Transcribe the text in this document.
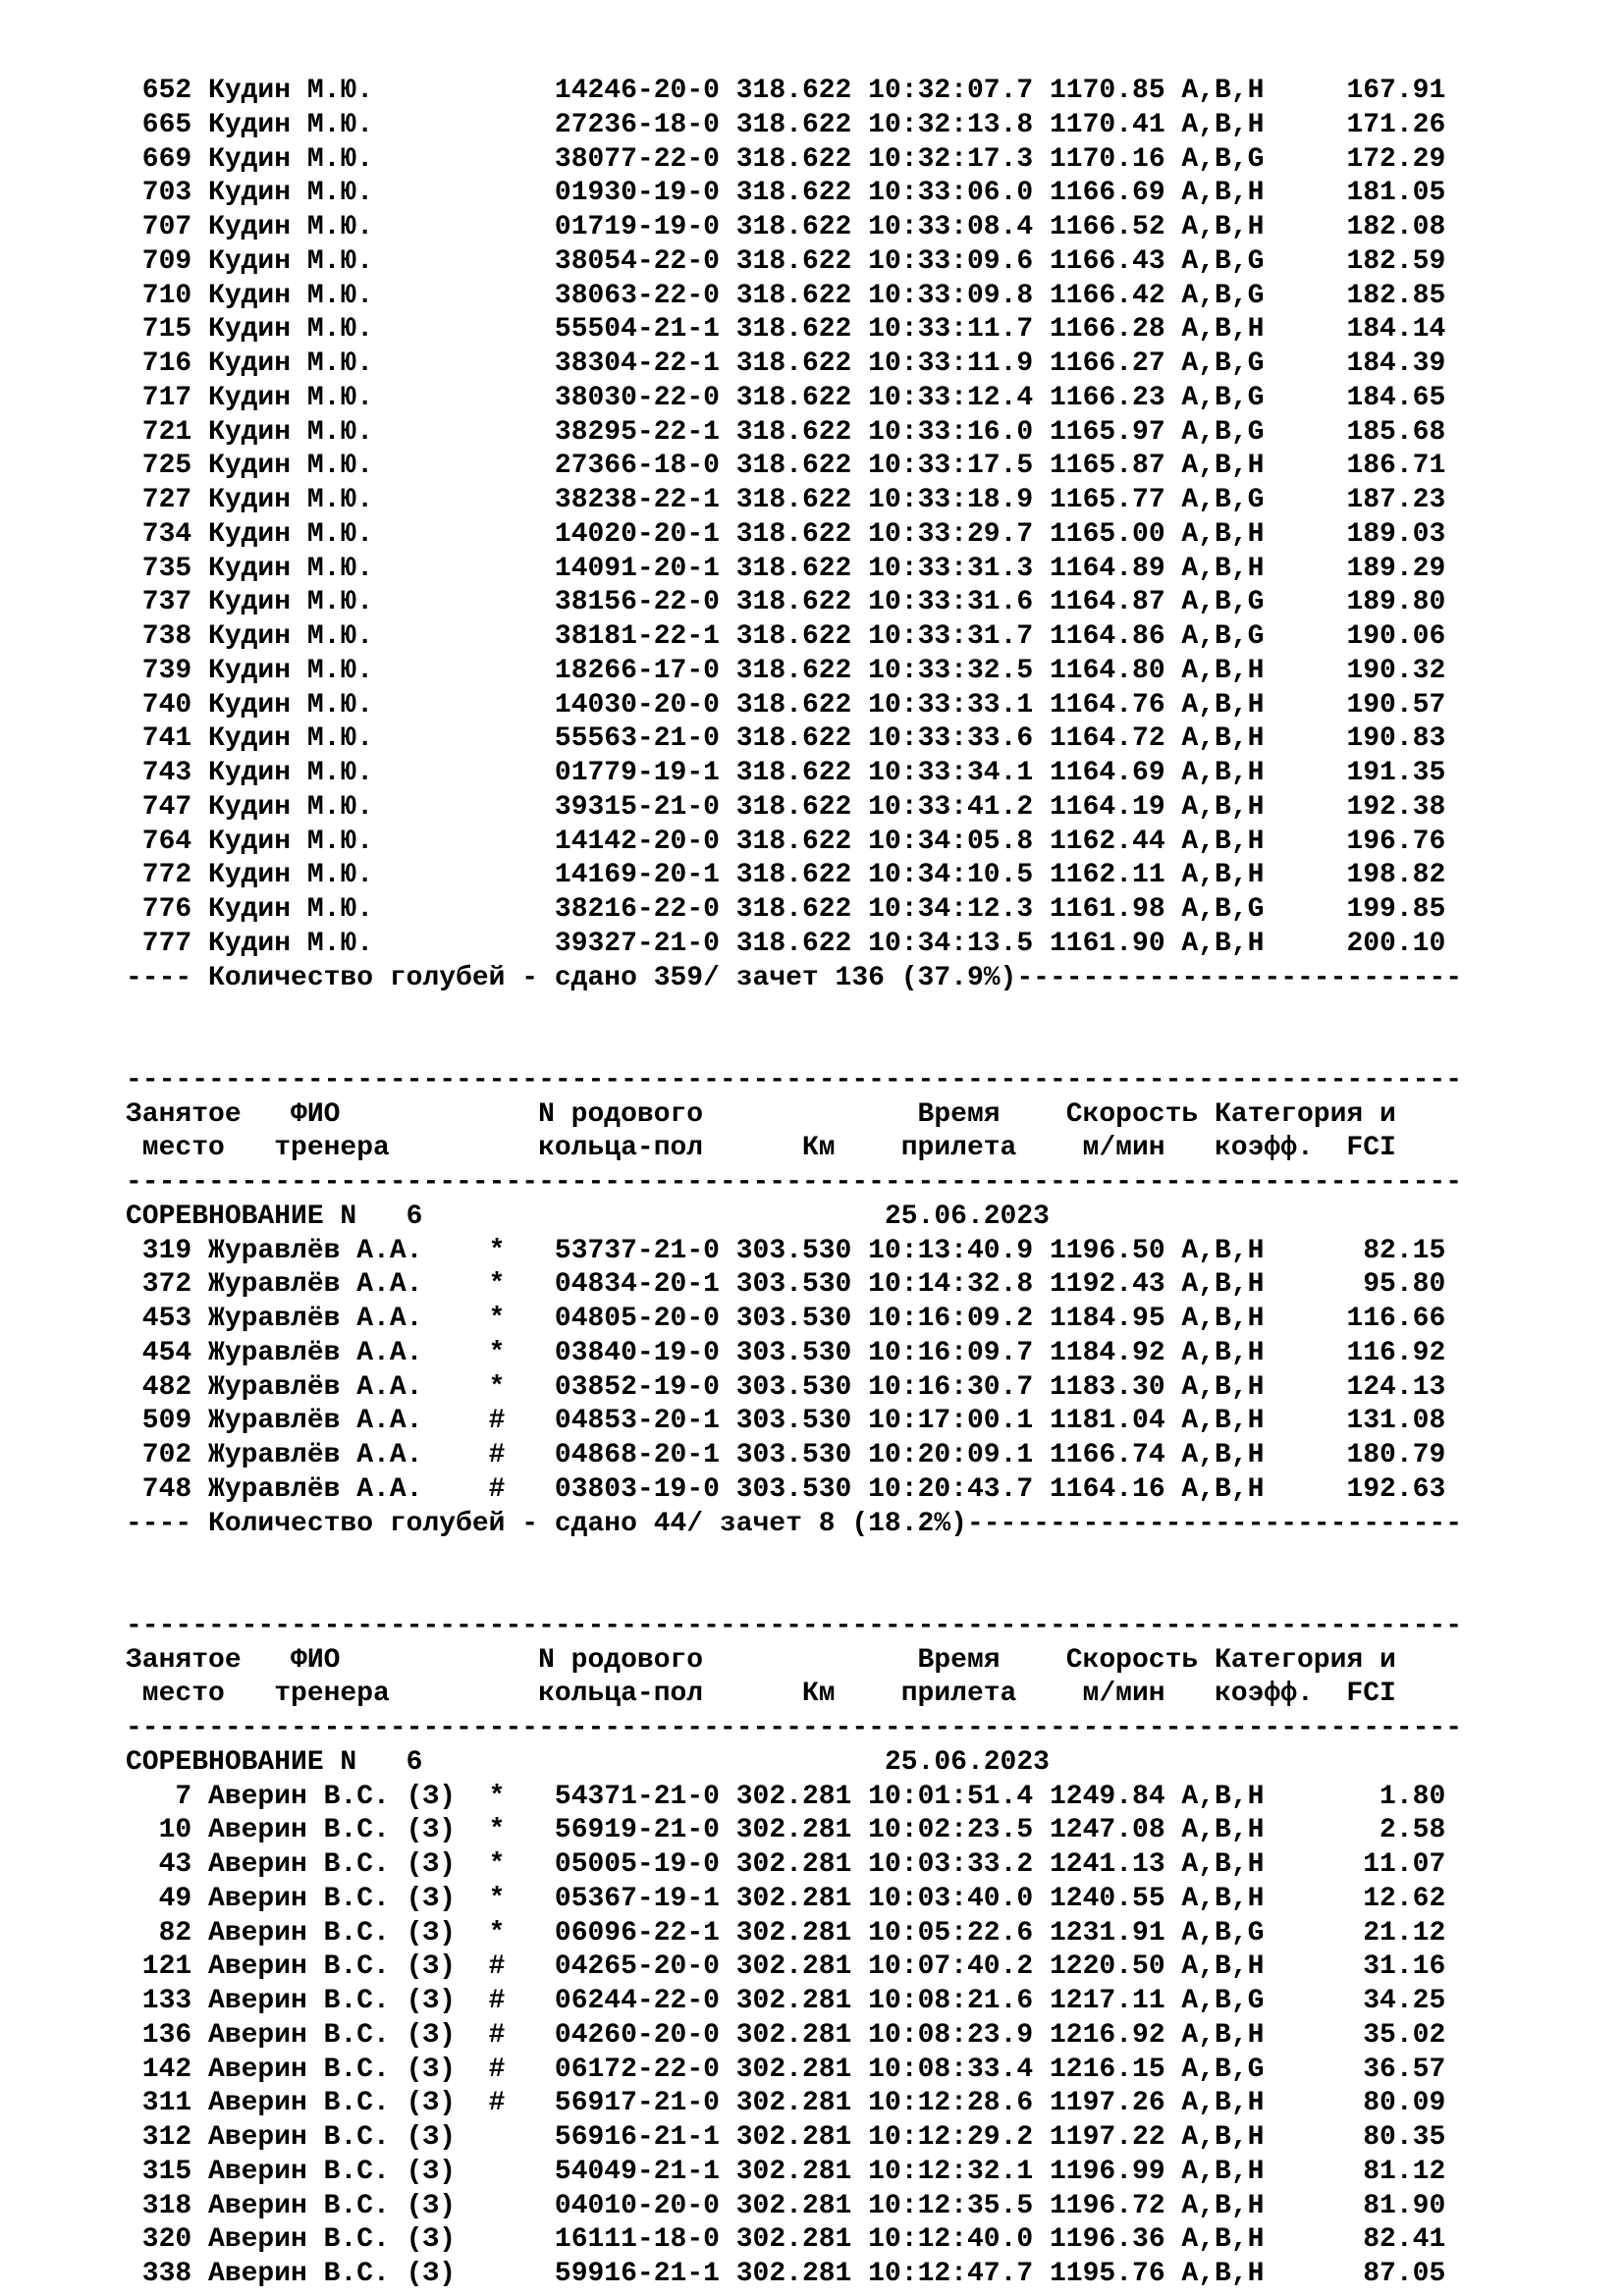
652 Кудин М.Ю.           14246-20-0 318.622 10:32:07.7 1170.85 A,B,H     167.91
665 Кудин М.Ю.           27236-18-0 318.622 10:32:13.8 1170.41 A,B,H     171.26
669 Кудин М.Ю.           38077-22-0 318.622 10:32:17.3 1170.16 A,B,G     172.29
703 Кудин М.Ю.           01930-19-0 318.622 10:33:06.0 1166.69 A,B,H     181.05
707 Кудин М.Ю.           01719-19-0 318.622 10:33:08.4 1166.52 A,B,H     182.08
709 Кудин М.Ю.           38054-22-0 318.622 10:33:09.6 1166.43 A,B,G     182.59
710 Кудин М.Ю.           38063-22-0 318.622 10:33:09.8 1166.42 A,B,G     182.85
715 Кудин М.Ю.           55504-21-1 318.622 10:33:11.7 1166.28 A,B,H     184.14
716 Кудин М.Ю.           38304-22-1 318.622 10:33:11.9 1166.27 A,B,G     184.39
717 Кудин М.Ю.           38030-22-0 318.622 10:33:12.4 1166.23 A,B,G     184.65
721 Кудин М.Ю.           38295-22-1 318.622 10:33:16.0 1165.97 A,B,G     185.68
725 Кудин М.Ю.           27366-18-0 318.622 10:33:17.5 1165.87 A,B,H     186.71
727 Кудин М.Ю.           38238-22-1 318.622 10:33:18.9 1165.77 A,B,G     187.23
734 Кудин М.Ю.           14020-20-1 318.622 10:33:29.7 1165.00 A,B,H     189.03
735 Кудин М.Ю.           14091-20-1 318.622 10:33:31.3 1164.89 A,B,H     189.29
737 Кудин М.Ю.           38156-22-0 318.622 10:33:31.6 1164.87 A,B,G     189.80
738 Кудин М.Ю.           38181-22-1 318.622 10:33:31.7 1164.86 A,B,G     190.06
739 Кудин М.Ю.           18266-17-0 318.622 10:33:32.5 1164.80 A,B,H     190.32
740 Кудин М.Ю.           14030-20-0 318.622 10:33:33.1 1164.76 A,B,H     190.57
741 Кудин М.Ю.           55563-21-0 318.622 10:33:33.6 1164.72 A,B,H     190.83
743 Кудин М.Ю.           01779-19-1 318.622 10:33:34.1 1164.69 A,B,H     191.35
747 Кудин М.Ю.           39315-21-0 318.622 10:33:41.2 1164.19 A,B,H     192.38
764 Кудин М.Ю.           14142-20-0 318.622 10:34:05.8 1162.44 A,B,H     196.76
772 Кудин М.Ю.           14169-20-1 318.622 10:34:10.5 1162.11 A,B,H     198.82
776 Кудин М.Ю.           38216-22-0 318.622 10:34:12.3 1161.98 A,B,G     199.85
777 Кудин М.Ю.           39327-21-0 318.622 10:34:13.5 1161.90 A,B,H     200.10
---- Количество голубей - сдано 359/ зачет 136 (37.9%)---------------------------
---------------------------------------------------------------------------------
Занятое   ФИО            N родового             Время    Скорость Категория и
место   тренера         кольца-пол      Км    прилета    м/мин   коэфф.  FCI
---------------------------------------------------------------------------------
СОРЕВНОВАНИЕ N   6                            25.06.2023
319 Журавлёв А.А.    *   53737-21-0 303.530 10:13:40.9 1196.50 A,B,H      82.15
372 Журавлёв А.А.    *   04834-20-1 303.530 10:14:32.8 1192.43 A,B,H      95.80
453 Журавлёв А.А.    *   04805-20-0 303.530 10:16:09.2 1184.95 A,B,H     116.66
454 Журавлёв А.А.    *   03840-19-0 303.530 10:16:09.7 1184.92 A,B,H     116.92
482 Журавлёв А.А.    *   03852-19-0 303.530 10:16:30.7 1183.30 A,B,H     124.13
509 Журавлёв А.А.    #   04853-20-1 303.530 10:17:00.1 1181.04 A,B,H     131.08
702 Журавлёв А.А.    #   04868-20-1 303.530 10:20:09.1 1166.74 A,B,H     180.79
748 Журавлёв А.А.    #   03803-19-0 303.530 10:20:43.7 1164.16 A,B,H     192.63
---- Количество голубей - сдано 44/ зачет 8 (18.2%)------------------------------
---------------------------------------------------------------------------------
Занятое   ФИО            N родового             Время    Скорость Категория и
место   тренера         кольца-пол      Км    прилета    м/мин   коэфф.  FCI
---------------------------------------------------------------------------------
СОРЕВНОВАНИЕ N   6                            25.06.2023
7 Аверин В.С. (З)  *   54371-21-0 302.281 10:01:51.4 1249.84 A,B,H       1.80
10 Аверин В.С. (З)  *   56919-21-0 302.281 10:02:23.5 1247.08 A,B,H       2.58
43 Аверин В.С. (З)  *   05005-19-0 302.281 10:03:33.2 1241.13 A,B,H      11.07
49 Аверин В.С. (З)  *   05367-19-1 302.281 10:03:40.0 1240.55 A,B,H      12.62
82 Аверин В.С. (З)  *   06096-22-1 302.281 10:05:22.6 1231.91 A,B,G      21.12
121 Аверин В.С. (З)  #   04265-20-0 302.281 10:07:40.2 1220.50 A,B,H      31.16
133 Аверин В.С. (З)  #   06244-22-0 302.281 10:08:21.6 1217.11 A,B,G      34.25
136 Аверин В.С. (З)  #   04260-20-0 302.281 10:08:23.9 1216.92 A,B,H      35.02
142 Аверин В.С. (З)  #   06172-22-0 302.281 10:08:33.4 1216.15 A,B,G      36.57
311 Аверин В.С. (З)  #   56917-21-0 302.281 10:12:28.6 1197.26 A,B,H      80.09
312 Аверин В.С. (З)      56916-21-1 302.281 10:12:29.2 1197.22 A,B,H      80.35
315 Аверин В.С. (З)      54049-21-1 302.281 10:12:32.1 1196.99 A,B,H      81.12
318 Аверин В.С. (З)      04010-20-0 302.281 10:12:35.5 1196.72 A,B,H      81.90
320 Аверин В.С. (З)      16111-18-0 302.281 10:12:40.0 1196.36 A,B,H      82.41
338 Аверин В.С. (З)      59916-21-1 302.281 10:12:47.7 1195.76 A,B,H      87.05
